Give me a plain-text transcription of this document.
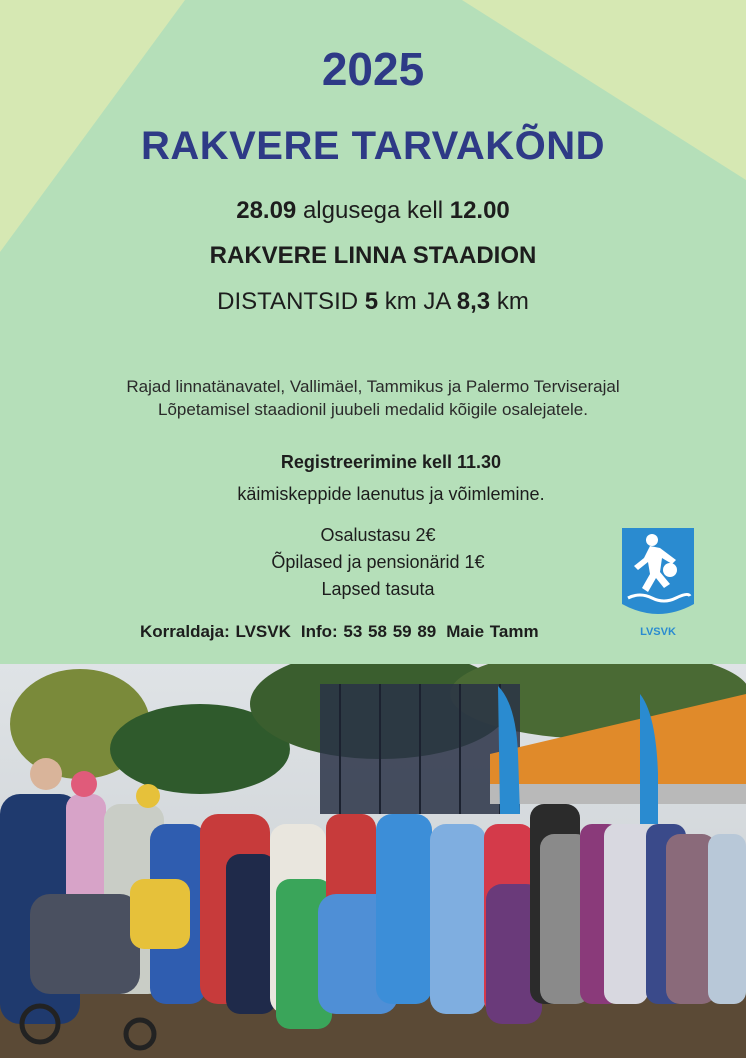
2025
RAKVERE TARVAKÕND
28.09 algusega kell 12.00
RAKVERE LINNA STAADION
DISTANTSID 5 km JA 8,3 km
Rajad linnatänavatel, Vallimäel, Tammikus ja Palermo Terviserajal
Lõpetamisel staadionil juubeli medalid kõigile osalejatele.
Registreerimine kell 11.30
käimiskeppide laenutus ja võimlemine.
Osalustasu 2€
Õpilased ja pensionärid 1€
Lapsed tasuta
Korraldaja: LVSVK Info: 53 58 59 89 Maie Tamm	LVSVK
